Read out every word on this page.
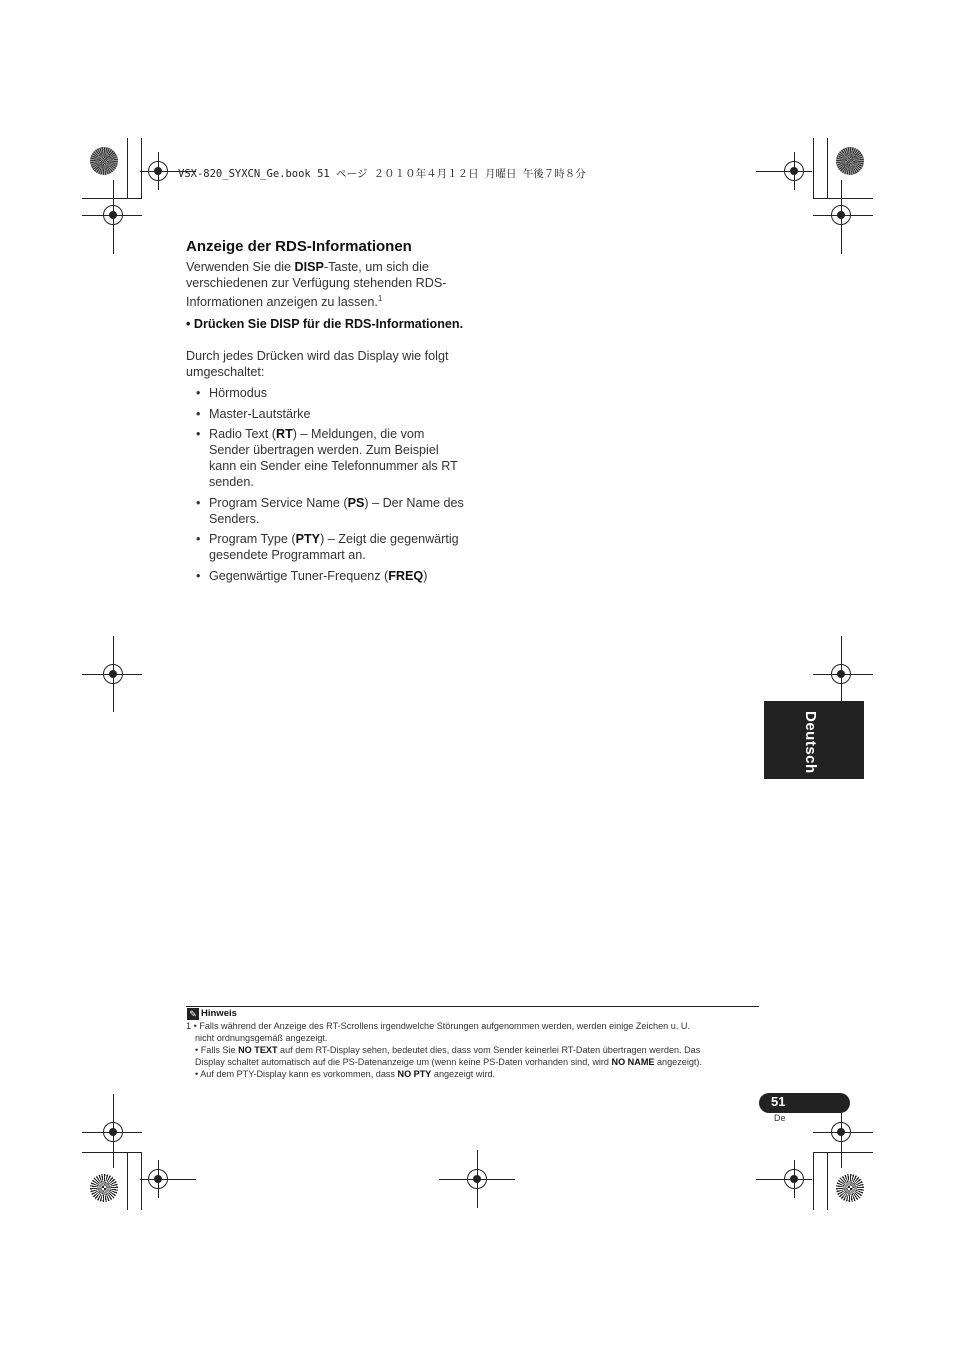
VSX-820_SYXCN_Ge.book 51 ページ ２０１０年４月１２日 月曜日 午後７時８分
Anzeige der RDS-Informationen
Verwenden Sie die DISP-Taste, um sich die verschiedenen zur Verfügung stehenden RDS-Informationen anzeigen zu lassen.$^1$
• Drücken Sie DISP für die RDS-Informationen.
Durch jedes Drücken wird das Display wie folgt umgeschaltet:
• Hörmodus
• Master-Lautstärke
• Radio Text (RT) – Meldungen, die vom Sender übertragen werden. Zum Beispiel kann ein Sender eine Telefonnummer als RT senden.
• Program Service Name (PS) – Der Name des Senders.
• Program Type (PTY) – Zeigt die gegenwärtig gesendete Programmart an.
• Gegenwärtige Tuner-Frequenz (FREQ)
Deutsch
✎ Hinweis
1 • Falls während der Anzeige des RT-Scrollens irgendwelche Störungen aufgenommen werden, werden einige Zeichen u. U.
nicht ordnungsgemäß angezeigt.
• Falls Sie NO TEXT auf dem RT-Display sehen, bedeutet dies, dass vom Sender keinerlei RT-Daten übertragen werden. Das
Display schaltet automatisch auf die PS-Datenanzeige um (wenn keine PS-Daten vorhanden sind, wird NO NAME angezeigt).
• Auf dem PTY-Display kann es vorkommen, dass NO PTY angezeigt wird.
51
De
